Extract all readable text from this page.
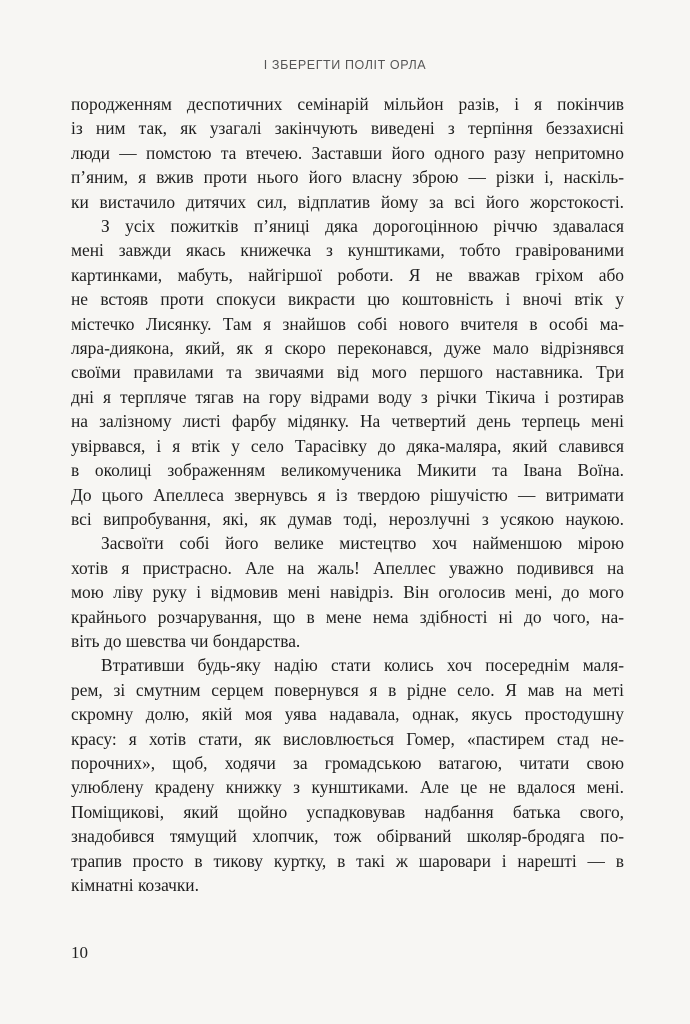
І ЗБЕРЕГТИ ПОЛІТ ОРЛА

породженням деспотичних семінарій мільйон разів, і я покінчив
із ним так, як узагалі закінчують виведені з терпіння беззахисні
люди — помстою та втечею. Заставши його одного разу непритомно
п’яним, я вжив проти нього його власну зброю — різки і, наскіль-
ки вистачило дитячих сил, відплатив йому за всі його жорстокості.

З усіх пожитків п’яниці дяка дорогоцінною річчю здавалася
мені завжди якась книжечка з кунштиками, тобто гравірованими
картинками, мабуть, найгіршої роботи. Я не вважав гріхом або
не встояв проти спокуси викрасти цю коштовність і вночі втік у
містечко Лисянку. Там я знайшов собі нового вчителя в особі ма-
ляра-диякона, який, як я скоро переконався, дуже мало відрізнявся
своїми правилами та звичаями від мого першого наставника. Три
дні я терпляче тягав на гору відрами воду з річки Тікича і розтирав
на залізному листі фарбу мідянку. На четвертий день терпець мені
увірвався, і я втік у село Тарасівку до дяка-маляра, який славився
в околиці зображенням великомученика Микити та Івана Воїна.
До цього Апеллеса звернувсь я із твердою рішучістю — витримати
всі випробування, які, як думав тоді, нерозлучні з усякою наукою.

Засвоїти собі його велике мистецтво хоч найменшою мірою
хотів я пристрасно. Але на жаль! Апеллес уважно подивився на
мою ліву руку і відмовив мені навідріз. Він оголосив мені, до мого
крайнього розчарування, що в мене нема здібності ні до чого, на-
віть до шевства чи бондарства.

Втративши будь-яку надію стати колись хоч посереднім маля-
рем, зі смутним серцем повернувся я в рідне село. Я мав на меті
скромну долю, якій моя уява надавала, однак, якусь простодушну
красу: я хотів стати, як висловлюється Гомер, «пастирем стад не-
порочних», щоб, ходячи за громадською ватагою, читати свою
улюблену крадену книжку з кунштиками. Але це не вдалося мені.
Поміщикові, який щойно успадковував надбання батька свого,
знадобився тямущий хлопчик, тож обірваний школяр-бродяга по-
трапив просто в тикову куртку, в такі ж шаровари і нарешті — в
кімнатні козачки.

10
